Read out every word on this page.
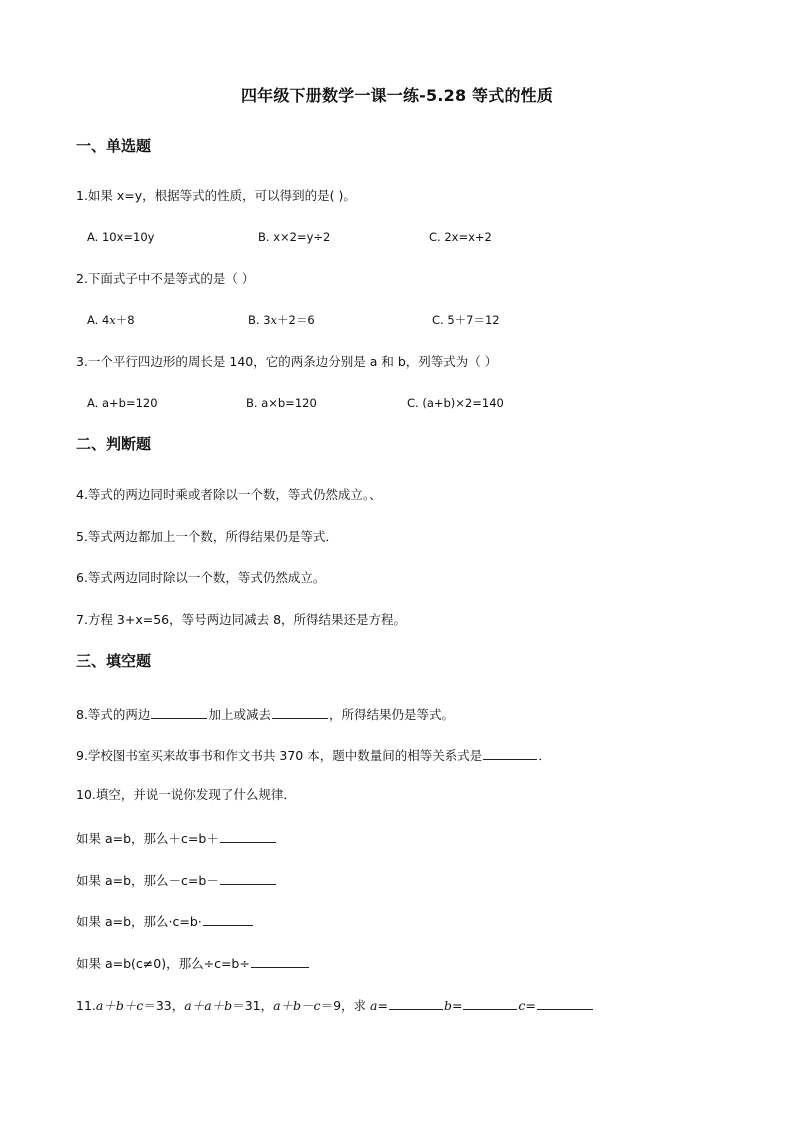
四年级下册数学一课一练-5.28 等式的性质
一、单选题
1.如果 x=y，根据等式的性质，可以得到的是( )。
A. 10x=10y	B. x×2=y÷2	C. 2x=x+2
2.下面式子中不是等式的是（ ）
A. 4x＋8	B. 3x＋2＝6	C. 5＋7＝12
3.一个平行四边形的周长是 140，它的两条边分别是 a 和 b，列等式为（ ）
A. a+b=120	B. a×b=120	C. (a+b)×2=140
二、判断题
4.等式的两边同时乘或者除以一个数，等式仍然成立。、
5.等式两边都加上一个数，所得结果仍是等式．
6.等式两边同时除以一个数，等式仍然成立。
7.方程 3+x=56，等号两边同减去 8，所得结果还是方程。
三、填空题
8.等式的两边	加上或减去	，所得结果仍是等式。
9.学校图书室买来故事书和作文书共 370 本，题中数量间的相等关系式是	．
10.填空，并说一说你发现了什么规律．
如果 a=b，那么＋c=b＋
如果 a=b，那么－c=b－
如果 a=b，那么·c=b·
如果 a=b(c≠0)，那么÷c=b÷
11.a＋b＋c＝33，a＋a＋b＝31，a＋b－c＝9，求 a=	b=	c=
